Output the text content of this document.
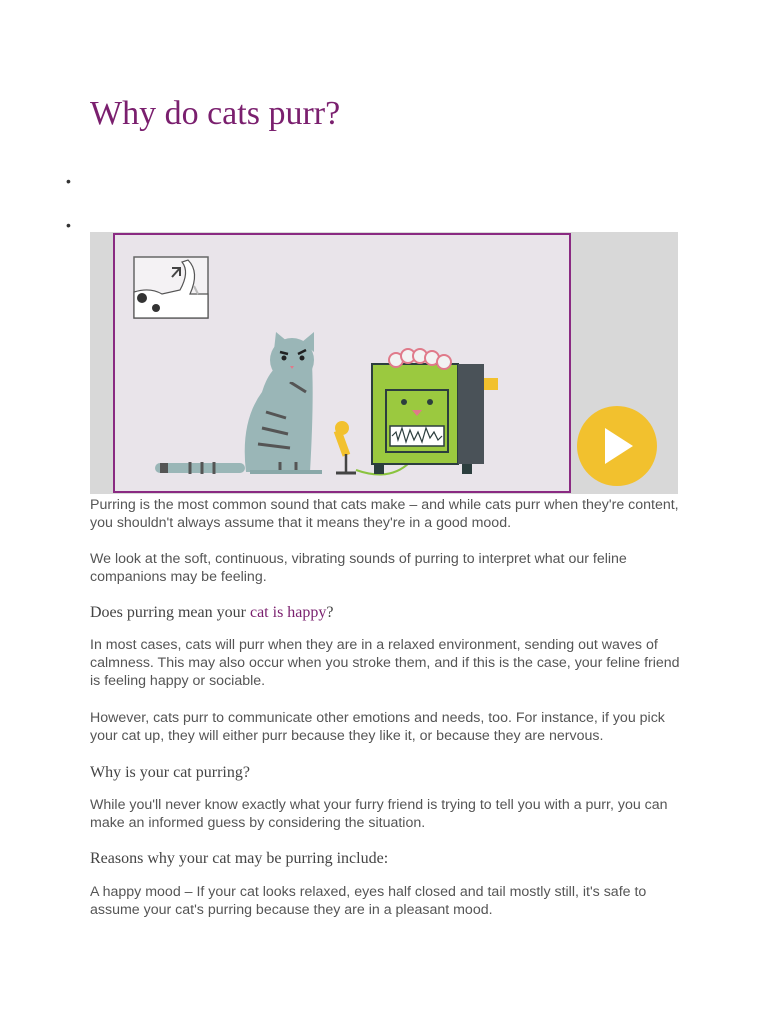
Why do cats purr?
•
•

Purring is the most common sound that cats make – and while cats purr when they're content, you shouldn't always assume that it means they're in a good mood.

We look at the soft, continuous, vibrating sounds of purring to interpret what our feline companions may be feeling.

Does purring mean your cat is happy?

In most cases, cats will purr when they are in a relaxed environment, sending out waves of calmness. This may also occur when you stroke them, and if this is the case, your feline friend is feeling happy or sociable.

However, cats purr to communicate other emotions and needs, too. For instance, if you pick your cat up, they will either purr because they like it, or because they are nervous.

Why is your cat purring?

While you'll never know exactly what your furry friend is trying to tell you with a purr, you can make an informed guess by considering the situation.

Reasons why your cat may be purring include:

A happy mood – If your cat looks relaxed, eyes half closed and tail mostly still, it's safe to assume your cat's purring because they are in a pleasant mood.
